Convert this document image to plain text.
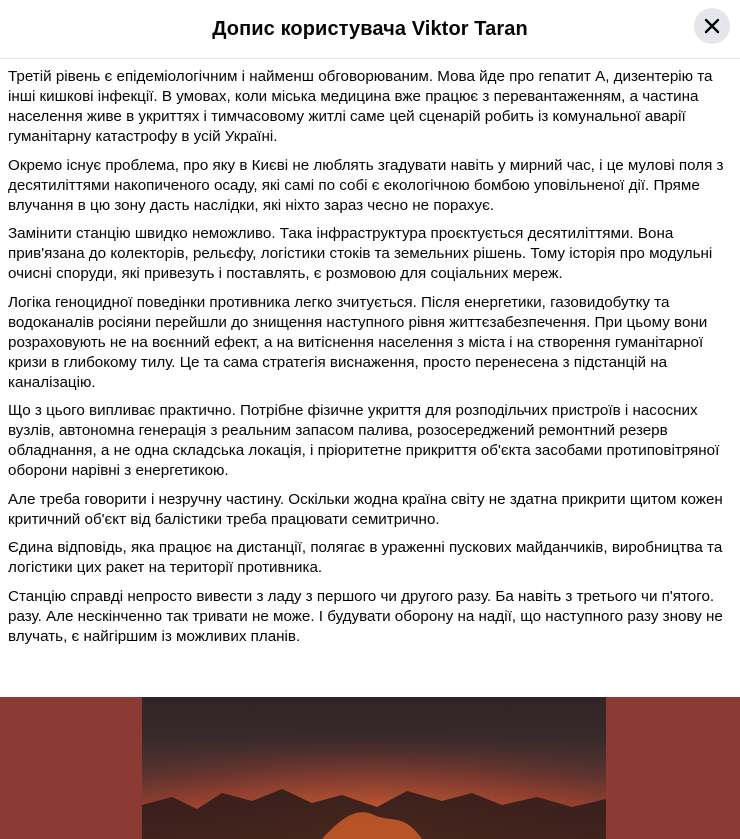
Допис користувача Viktor Taran

Третій рівень є епідеміологічним і найменш обговорюваним. Мова йде про гепатит А, дизентерію та інші кишкові інфекції. В умовах, коли міська медицина вже працює з перевантаженням, а частина населення живе в укриттях і тимчасовому житлі саме цей сценарій робить із комунальної аварії гуманітарну катастрофу в усій Україні.

Окремо існує проблема, про яку в Києві не люблять згадувати навіть у мирний час, і це мулові поля з десятиліттями накопиченого осаду, які самі по собі є екологічною бомбою уповільненої дії. Пряме влучання в цю зону дасть наслідки, які ніхто зараз чесно не порахує.

Замінити станцію швидко неможливо. Така інфраструктура проєктується десятиліттями. Вона прив'язана до колекторів, рельєфу, логістики стоків та земельних рішень. Тому історія про модульні очисні споруди, які привезуть і поставлять, є розмовою для соціальних мереж.

Логіка геноцидної поведінки противника легко зчитується. Після енергетики, газовидобутку та водоканалів росіяни перейшли до знищення наступного рівня життєзабезпечення. При цьому вони розраховують не на воєнний ефект, а на витіснення населення з міста і на створення гуманітарної кризи в глибокому тилу. Це та сама стратегія виснаження, просто перенесена з підстанцій на каналізацію.

Що з цього випливає практично. Потрібне фізичне укриття для розподільчих пристроїв і насосних вузлів, автономна генерація з реальним запасом палива, розосереджений ремонтний резерв обладнання, а не одна складська локація, і пріоритетне прикриття об'єкта засобами протиповітряної оборони нарівні з енергетикою.

Але треба говорити і незручну частину. Оскільки жодна країна світу не здатна прикрити щитом кожен критичний об'єкт від балістики треба працювати семитрично.

Єдина відповідь, яка працює на дистанції, полягає в ураженні пускових майданчиків, виробництва та логістики цих ракет на території противника.

Станцію справді непросто вивести з ладу з першого чи другого разу. Ба навіть з третього чи п'ятого. разу. Але нескінченно так тривати не може. І будувати оборону на надії, що наступного разу знову не влучать, є найгіршим із можливих планів.
